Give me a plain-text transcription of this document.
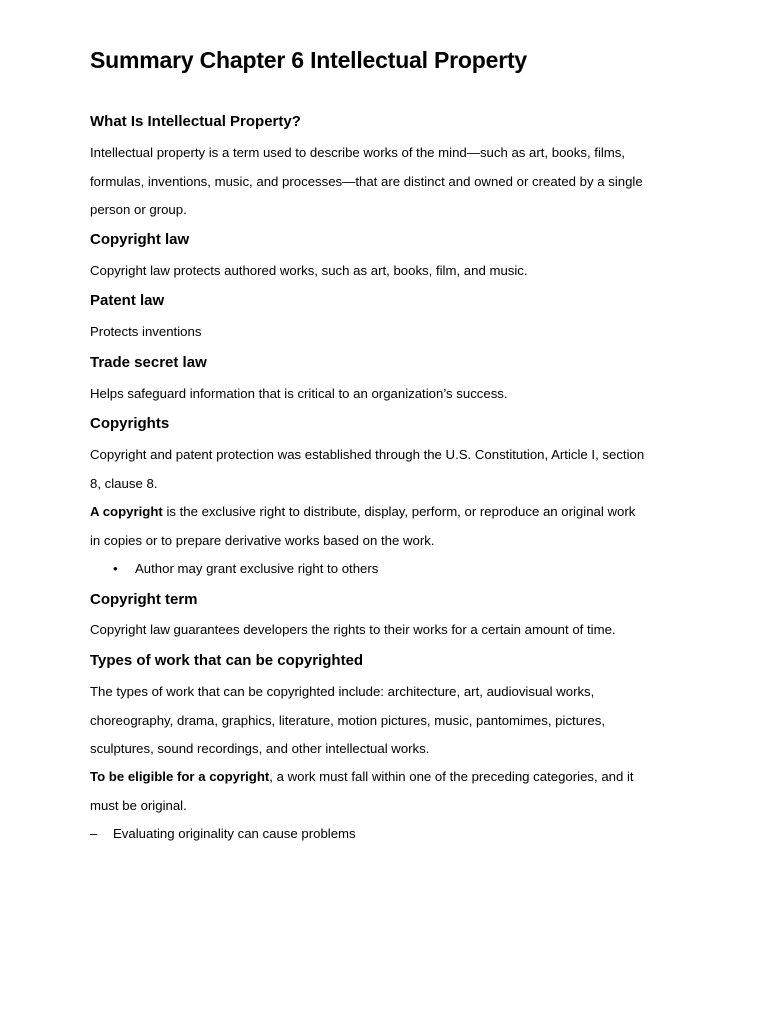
Summary Chapter 6 Intellectual Property
What Is Intellectual Property?

Intellectual property is a term used to describe works of the mind—such as art, books, films,
formulas, inventions, music, and processes—that are distinct and owned or created by a single
person or group.

Copyright law

Copyright law protects authored works, such as art, books, film, and music.

Patent law

Protects inventions

Trade secret law

Helps safeguard information that is critical to an organization’s success.

Copyrights

Copyright and patent protection was established through the U.S. Constitution, Article I, section
8, clause 8.

A copyright is the exclusive right to distribute, display, perform, or reproduce an original work
in copies or to prepare derivative works based on the work.

• Author may grant exclusive right to others
Copyright term

Copyright law guarantees developers the rights to their works for a certain amount of time.

Types of work that can be copyrighted

The types of work that can be copyrighted include: architecture, art, audiovisual works,
choreography, drama, graphics, literature, motion pictures, music, pantomimes, pictures,
sculptures, sound recordings, and other intellectual works.

To be eligible for a copyright, a work must fall within one of the preceding categories, and it
must be original.

– Evaluating originality can cause problems
